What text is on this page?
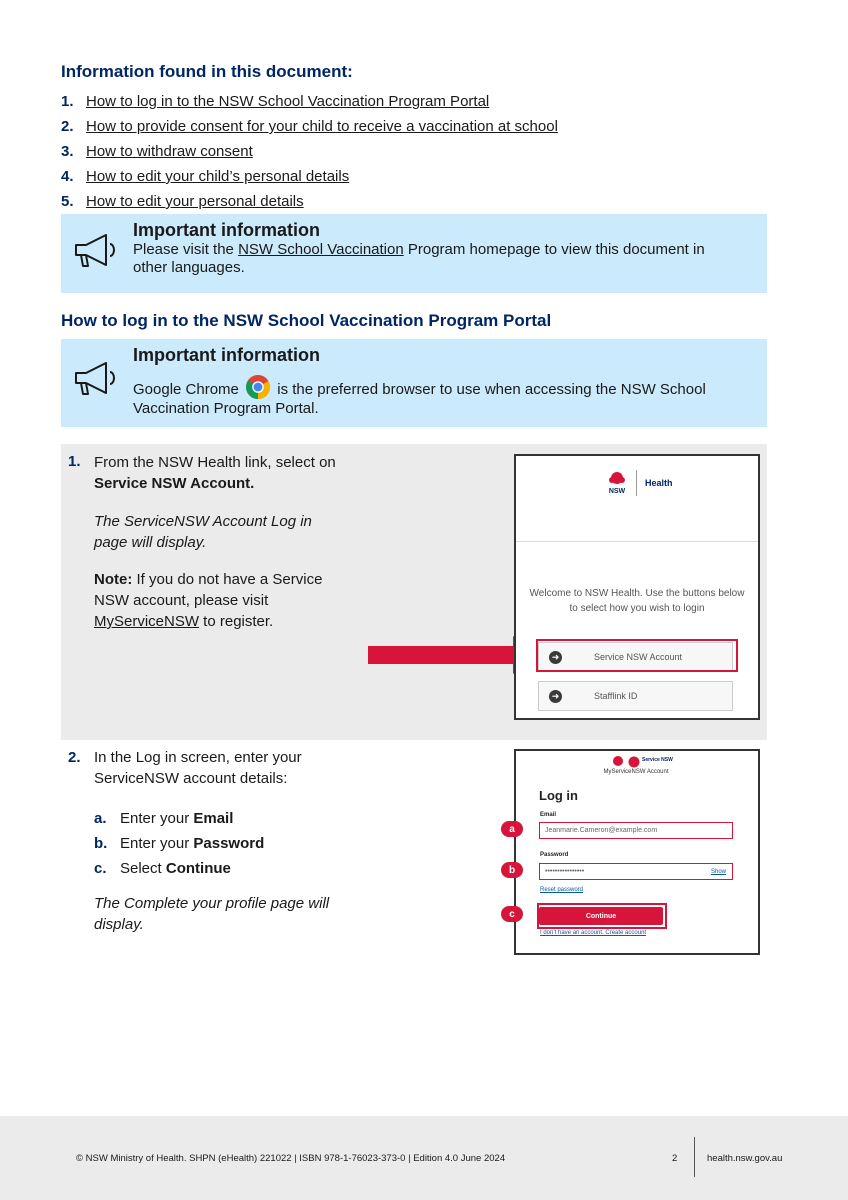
Information found in this document:
1. How to log in to the NSW School Vaccination Program Portal
2. How to provide consent for your child to receive a vaccination at school
3. How to withdraw consent
4. How to edit your child’s personal details
5. How to edit your personal details
Important information
Please visit the NSW School Vaccination Program homepage to view this document in other languages.
How to log in to the NSW School Vaccination Program Portal
Important information
Google Chrome	is the preferred browser to use when accessing the NSW School Vaccination Program Portal.
1. From the NSW Health link, select on Service NSW Account.
The ServiceNSW Account Log in page will display.
Note: If you do not have a Service NSW account, please visit MyServiceNSW to register.
NSW
Health
Welcome to NSW Health. Use the buttons below to select how you wish to login
➜	Service NSW Account
➜	Stafflink ID
2. In the Log in screen, enter your ServiceNSW account details:
a. Enter your
Email
b. Enter your
Password
c. Select
Continue
The Complete your profile page will display.
Service NSW
MyServiceNSW Account
Log in
Email
Jeanmarie.Cameron@example.com
Password
••••••••••••••••	Show
Reset password
Continue
I don’t have an account. Create account
a
b
c
© NSW Ministry of Health. SHPN (eHealth) 221022 | ISBN 978-1-76023-373-0 | Edition 4.0 June 2024	2	health.nsw.gov.au
